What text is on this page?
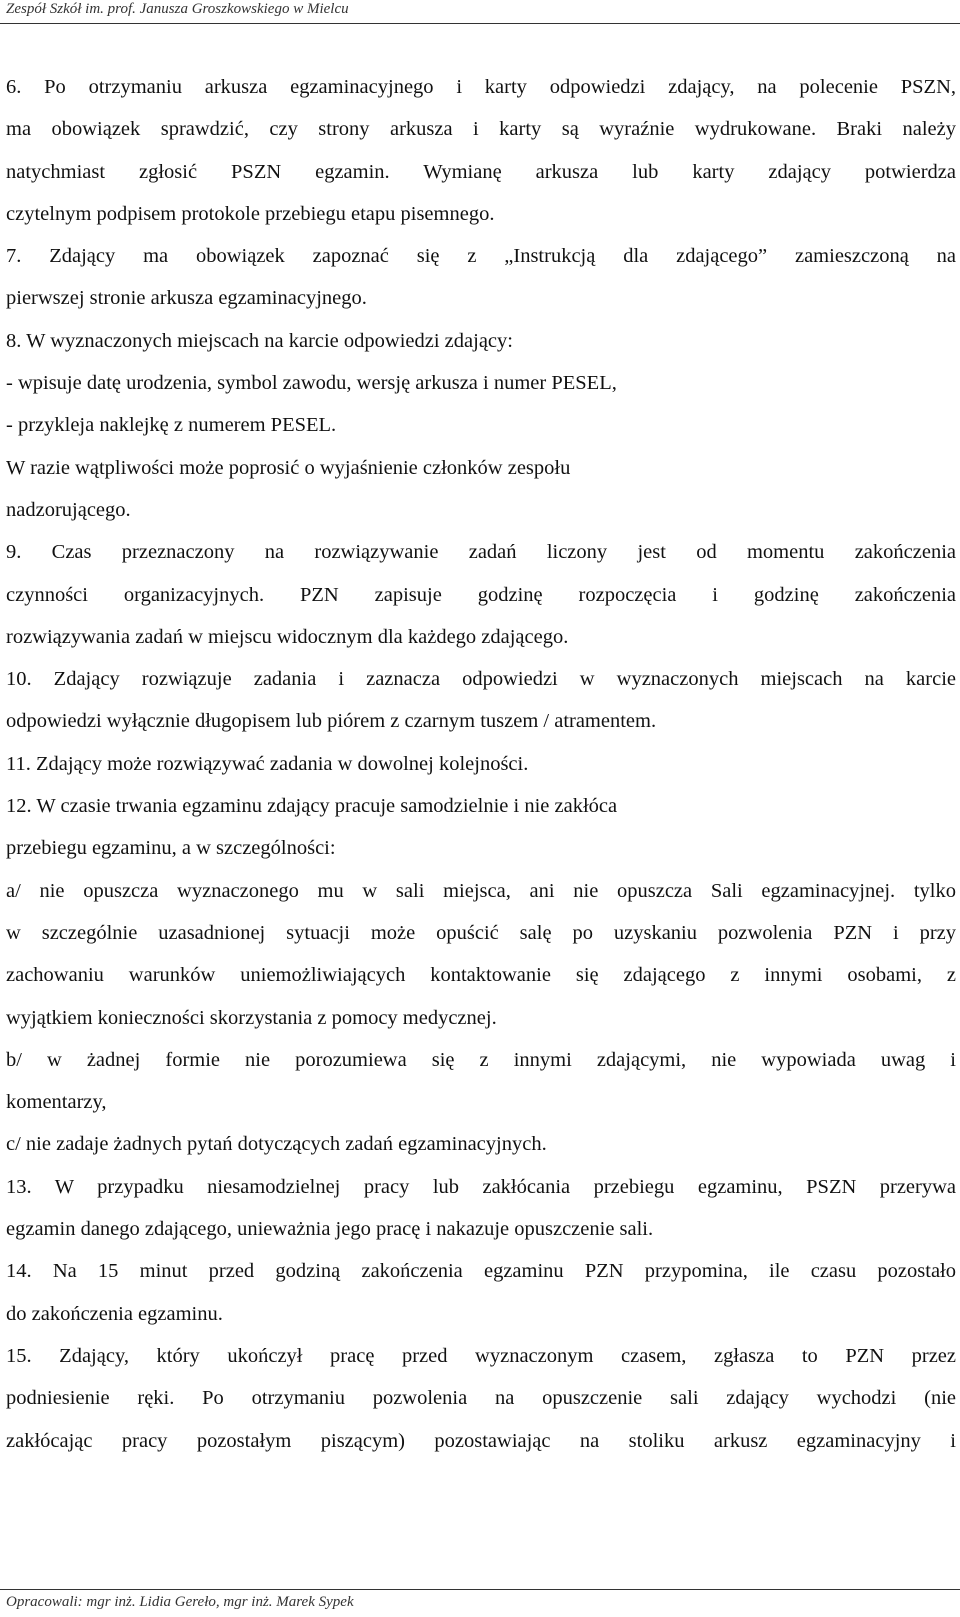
Zespół Szkół im. prof. Janusza Groszkowskiego w Mielcu
6. Po otrzymaniu arkusza egzaminacyjnego i karty odpowiedzi zdający, na polecenie PSZN,
ma obowiązek sprawdzić, czy strony arkusza i karty są wyraźnie wydrukowane. Braki należy
natychmiast zgłosić PSZN egzamin. Wymianę arkusza lub karty zdający potwierdza
czytelnym podpisem protokole przebiegu etapu pisemnego.
7. Zdający ma obowiązek zapoznać się z „Instrukcją dla zdającego” zamieszczoną na
pierwszej stronie arkusza egzaminacyjnego.
8. W wyznaczonych miejscach na karcie odpowiedzi zdający:
- wpisuje datę urodzenia, symbol zawodu, wersję arkusza i numer PESEL,
- przykleja naklejkę z numerem PESEL.
W razie wątpliwości może poprosić o wyjaśnienie członków zespołu
nadzorującego.
9. Czas przeznaczony na rozwiązywanie zadań liczony jest od momentu zakończenia
czynności organizacyjnych. PZN zapisuje godzinę rozpoczęcia i godzinę zakończenia
rozwiązywania zadań w miejscu widocznym dla każdego zdającego.
10. Zdający rozwiązuje zadania i zaznacza odpowiedzi w wyznaczonych miejscach na karcie
odpowiedzi wyłącznie długopisem lub piórem z czarnym tuszem / atramentem.
11. Zdający może rozwiązywać zadania w dowolnej kolejności.
12. W czasie trwania egzaminu zdający pracuje samodzielnie i nie zakłóca
przebiegu egzaminu, a w szczególności:
a/ nie opuszcza wyznaczonego mu w sali miejsca, ani nie opuszcza Sali egzaminacyjnej. tylko
w szczególnie uzasadnionej sytuacji może opuścić salę po uzyskaniu pozwolenia PZN i przy
zachowaniu warunków uniemożliwiających kontaktowanie się zdającego z innymi osobami, z
wyjątkiem konieczności skorzystania z pomocy medycznej.
b/ w żadnej formie nie porozumiewa się z innymi zdającymi, nie wypowiada uwag i
komentarzy,
c/ nie zadaje żadnych pytań dotyczących zadań egzaminacyjnych.
13. W przypadku niesamodzielnej pracy lub zakłócania przebiegu egzaminu, PSZN przerywa
egzamin danego zdającego, unieważnia jego pracę i nakazuje opuszczenie sali.
14. Na 15 minut przed godziną zakończenia egzaminu PZN przypomina, ile czasu pozostało
do zakończenia egzaminu.
15. Zdający, który ukończył pracę przed wyznaczonym czasem, zgłasza to PZN przez
podniesienie ręki. Po otrzymaniu pozwolenia na opuszczenie sali zdający wychodzi (nie
zakłócając pracy pozostałym piszącym) pozostawiając na stoliku arkusz egzaminacyjny i
Opracowali: mgr inż. Lidia Gereło, mgr inż. Marek Sypek
